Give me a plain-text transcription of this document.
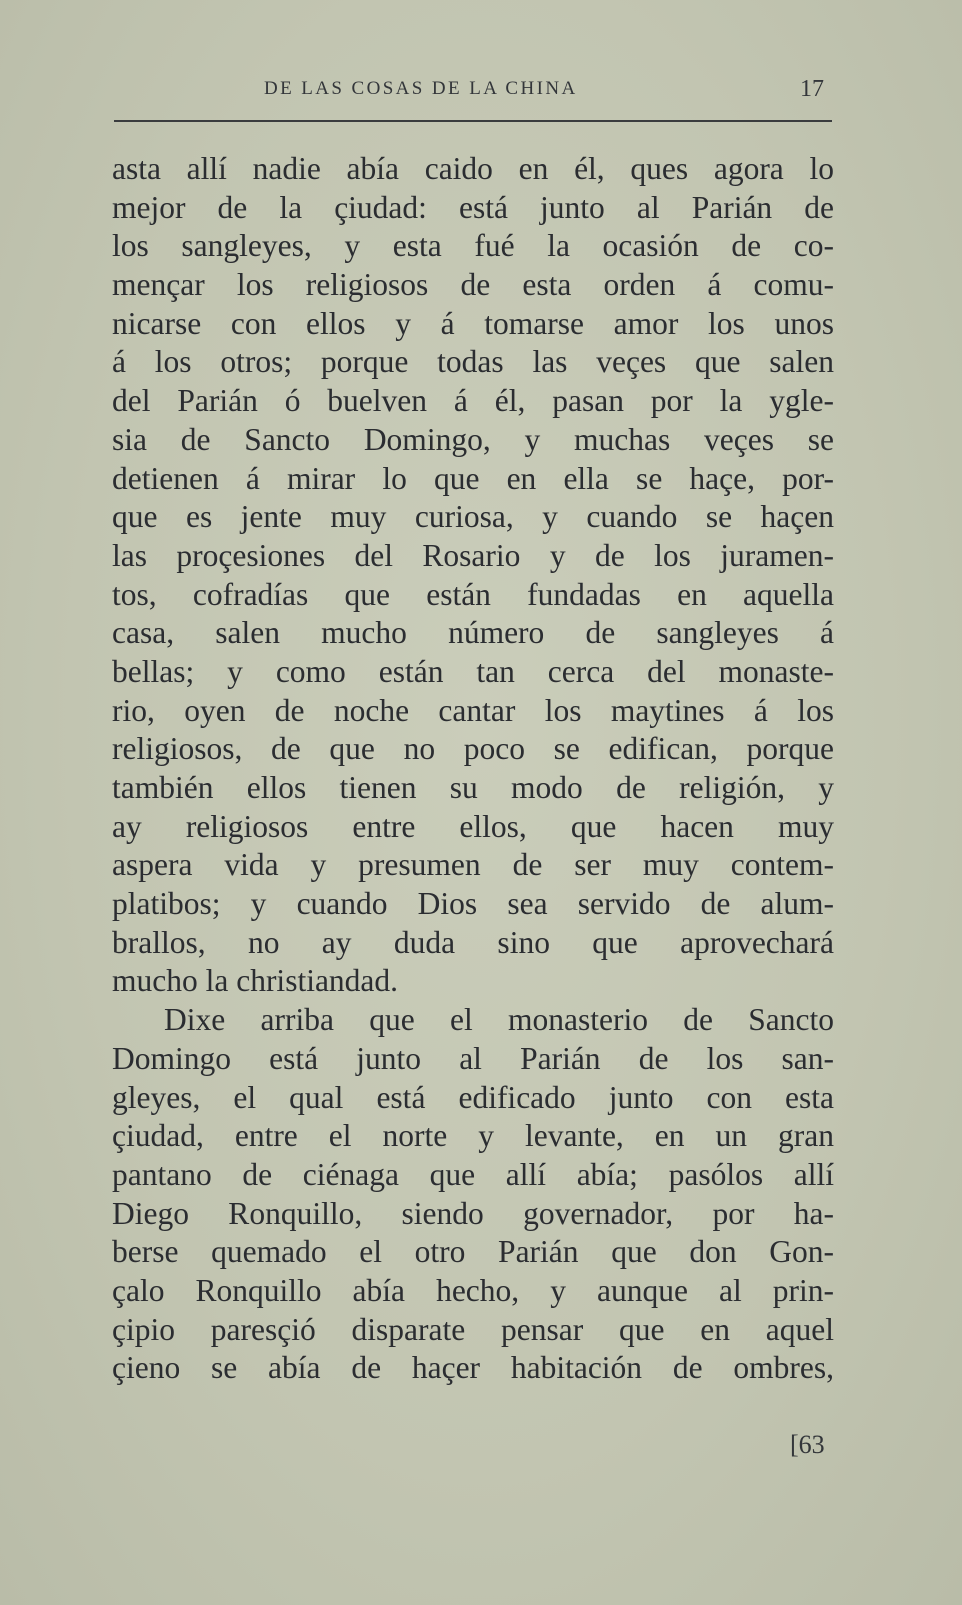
DE LAS COSAS DE LA CHINA	17
asta allí nadie abía caido en él, ques agora lo
mejor de la çiudad: está junto al Parián de
los sangleyes, y esta fué la ocasión de co-
mençar los religiosos de esta orden á comu-
nicarse con ellos y á tomarse amor los unos
á los otros; porque todas las veçes que salen
del Parián ó buelven á él, pasan por la ygle-
sia de Sancto Domingo, y muchas veçes se
detienen á mirar lo que en ella se haçe, por-
que es jente muy curiosa, y cuando se haçen
las proçesiones del Rosario y de los juramen-
tos, cofradías que están fundadas en aquella
casa, salen mucho número de sangleyes á
bellas; y como están tan cerca del monaste-
rio, oyen de noche cantar los maytines á los
religiosos, de que no poco se edifican, porque
también ellos tienen su modo de religión, y
ay religiosos entre ellos, que hacen muy
aspera vida y presumen de ser muy contem-
platibos; y cuando Dios sea servido de alum-
brallos, no ay duda sino que aprovechará
mucho la christiandad.
Dixe arriba que el monasterio de Sancto
Domingo está junto al Parián de los san-
gleyes, el qual está edificado junto con esta
çiudad, entre el norte y levante, en un gran
pantano de ciénaga que allí abía; pasólos allí
Diego Ronquillo, siendo governador, por ha-
berse quemado el otro Parián que don Gon-
çalo Ronquillo abía hecho, y aunque al prin-
çipio paresçió disparate pensar que en aquel
çieno se abía de haçer habitación de ombres,
[63
